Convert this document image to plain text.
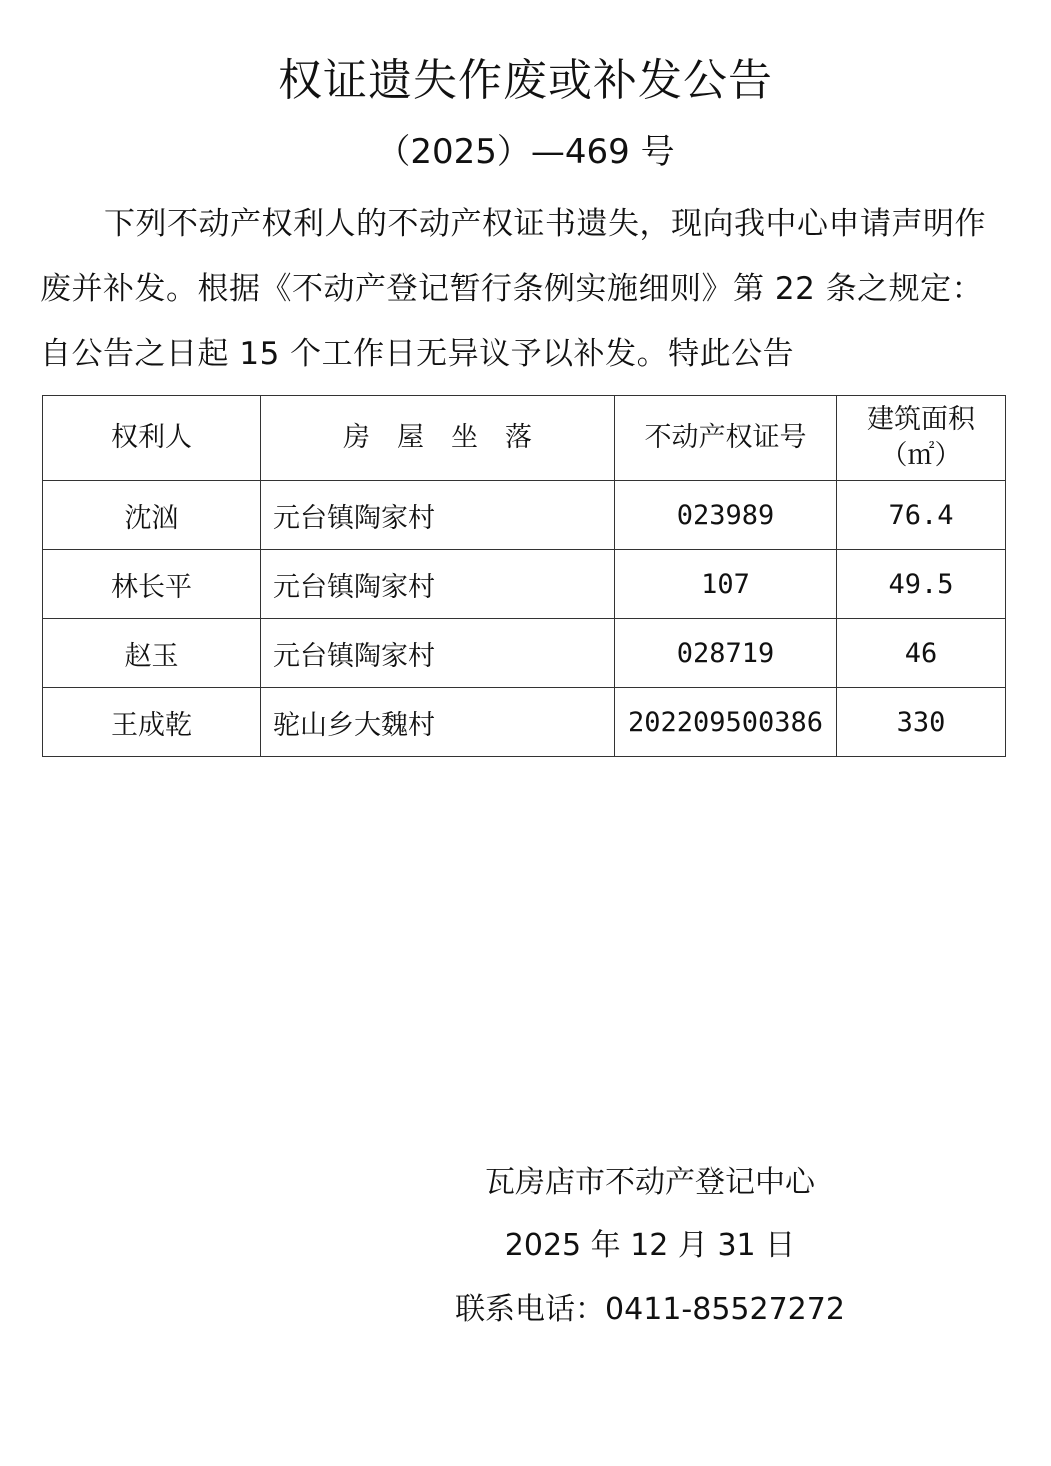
权证遗失作废或补发公告
（2025）—469 号
下列不动产权利人的不动产权证书遗失，现向我中心申请声明作废并补发。根据《不动产登记暂行条例实施细则》第 22 条之规定：自公告之日起 15 个工作日无异议予以补发。特此公告
权利人	房　屋　坐　落	不动产权证号	建筑面积
（㎡）

沈汹	元台镇陶家村	023989	76.4
林长平	元台镇陶家村	107	49.5
赵玉	元台镇陶家村	028719	46
王成乾	驼山乡大魏村	202209500386	330
瓦房店市不动产登记中心
2025 年 12 月 31 日
联系电话：0411-85527272
